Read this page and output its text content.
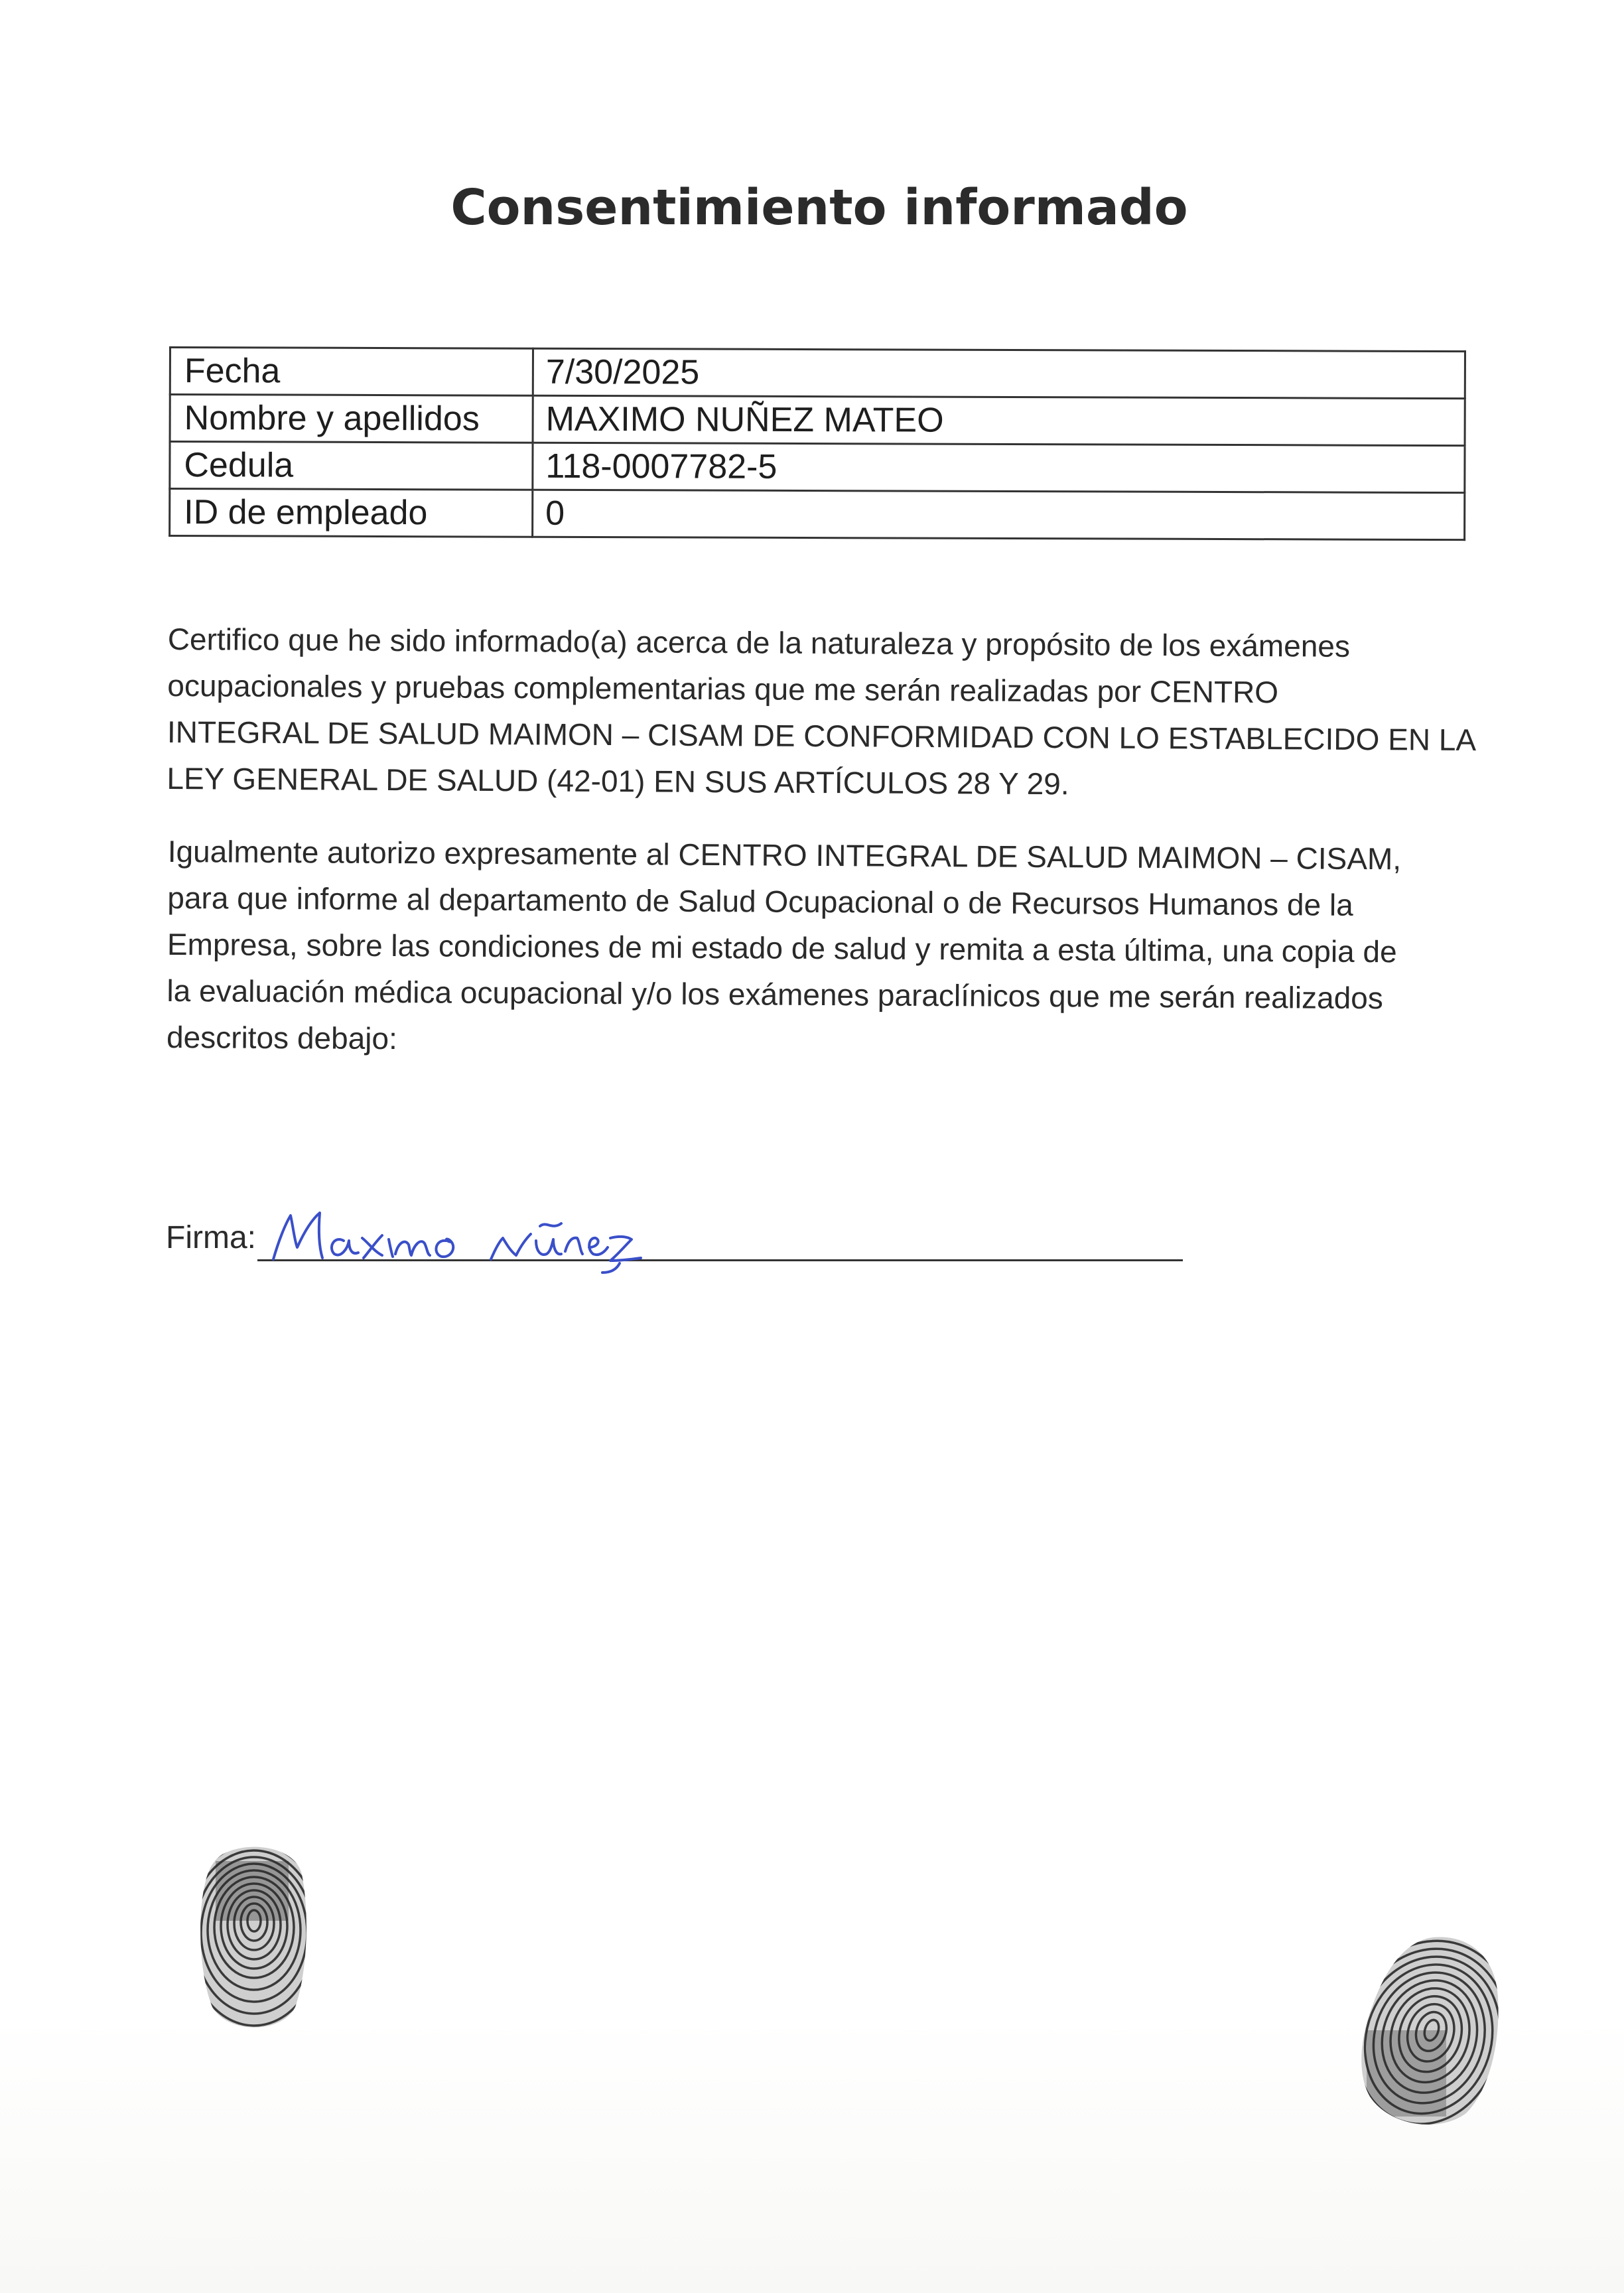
Consentimiento informado
Fecha	7/30/2025
Nombre y apellidos	MAXIMO NUÑEZ MATEO
Cedula	118-0007782-5
ID de empleado	0
Certifico que he sido informado(a) acerca de la naturaleza y propósito de los exámenes
ocupacionales y pruebas complementarias que me serán realizadas por CENTRO
INTEGRAL DE SALUD MAIMON – CISAM DE CONFORMIDAD CON LO ESTABLECIDO EN LA
LEY GENERAL DE SALUD (42-01) EN SUS ARTÍCULOS 28 Y 29.
Igualmente autorizo expresamente al CENTRO INTEGRAL DE SALUD MAIMON – CISAM,
para que informe al departamento de Salud Ocupacional o de Recursos Humanos de la
Empresa, sobre las condiciones de mi estado de salud y remita a esta última, una copia de
la evaluación médica ocupacional y/o los exámenes paraclínicos que me serán realizados
descritos debajo:
Firma:
